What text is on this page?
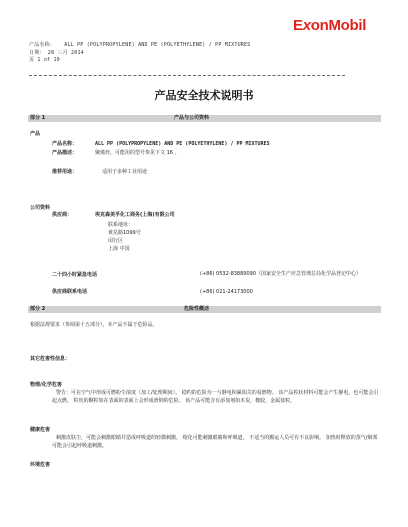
产品名称： ALL PP (POLYPROPYLENE) AND PE (POLYETHYLENE) / PP MIXTURES
日期： 28 三月 2014
页 1 of 10
ExonMobil
产品安全技术说明书
部分 1	产品与公司资料
产品
产品名称：	ALL PP (POLYPROPYLENE) AND PE (POLYETHYLENE) / PP MIXTURES
产品描述：	聚烯烃，可能用的型号参见下文 16 。
推荐用途：	适用于多种工业用途
公司资料
供应商：	埃克森美孚化工商务(上海)有限公司
联系地址：
黄昆路1099号
闵行区
上海 中国
二十四小时紧急电话	(+86) 0532-83889090（国家安全生产应急管理总局化学品登记中心）
供应商联系电话	(+86) 021-24173000
部分 2	危险性概述
根据法规要求（参阅第十五部分），本产品不属于危险品。
其它危害性信息：
物理/化学危害
警告：可在空气中形成可燃粉尘浓度（加工/处理期间）。 稳约的危险为一与静电积累相关的易燃物。 该产品粒状材料可能会产生静电，也可能会引起点燃。 粒状的颗粒如在表面的表面上会形成滑倒的危险。 该产品可能含有添加剂如木炭，橡胶，金属盐粒。
健康危害
刺激皮肤尘，可能会刺激眼睛并造成呼吸道的轻微刺激。 熔化可能刺激眼睛和呼吸道。 不适当的搬运人员可有不良影响。 加热时释放的蒸气/烟雾可能会引起呼吸道刺激。
环境危害
